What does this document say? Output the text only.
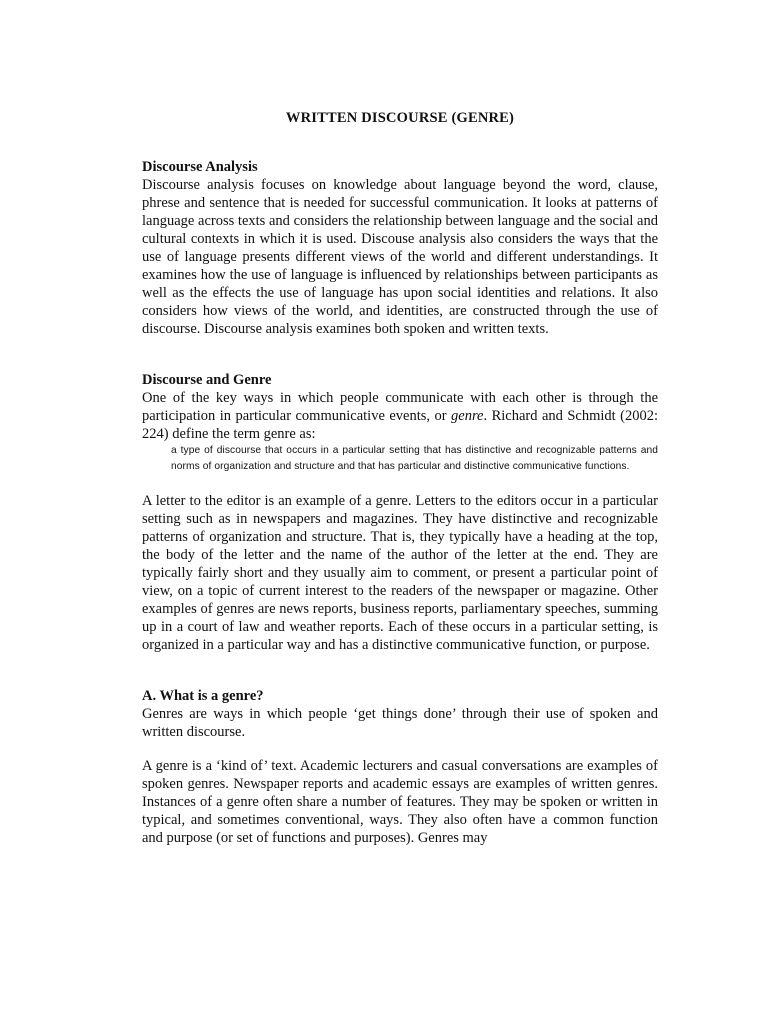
WRITTEN DISCOURSE (GENRE)
Discourse Analysis

Discourse analysis focuses on knowledge about language beyond the word, clause, phrese and sentence that is needed for successful communication. It looks at patterns of language across texts and considers the relationship between language and the social and cultural contexts in which it is used. Discouse analysis also considers the ways that the use of language presents different views of the world and different understandings. It examines how the use of language is influenced by relationships between participants as well as the effects the use of language has upon social identities and relations. It also considers how views of the world, and identities, are constructed through the use of discourse. Discourse analysis examines both spoken and written texts.

Discourse and Genre

One of the key ways in which people communicate with each other is through the participation in particular communicative events, or genre. Richard and Schmidt (2002: 224) define the term genre as:

a type of discourse that occurs in a particular setting that has distinctive and recognizable patterns and norms of organization and structure and that has particular and distinctive communicative functions.

A letter to the editor is an example of a genre. Letters to the editors occur in a particular setting such as in newspapers and magazines. They have distinctive and recognizable patterns of organization and structure. That is, they typically have a heading at the top, the body of the letter and the name of the author of the letter at the end. They are typically fairly short and they usually aim to comment, or present a particular point of view, on a topic of current interest to the readers of the newspaper or magazine. Other examples of genres are news reports, business reports, parliamentary speeches, summing up in a court of law and weather reports. Each of these occurs in a particular setting, is organized in a particular way and has a distinctive communicative function, or purpose.

A. What is a genre?

Genres are ways in which people ‘get things done’ through their use of spoken and written discourse.

A genre is a ‘kind of’ text. Academic lecturers and casual conversations are examples of spoken genres. Newspaper reports and academic essays are examples of written genres. Instances of a genre often share a number of features. They may be spoken or written in typical, and sometimes conventional, ways. They also often have a common function and purpose (or set of functions and purposes). Genres may
